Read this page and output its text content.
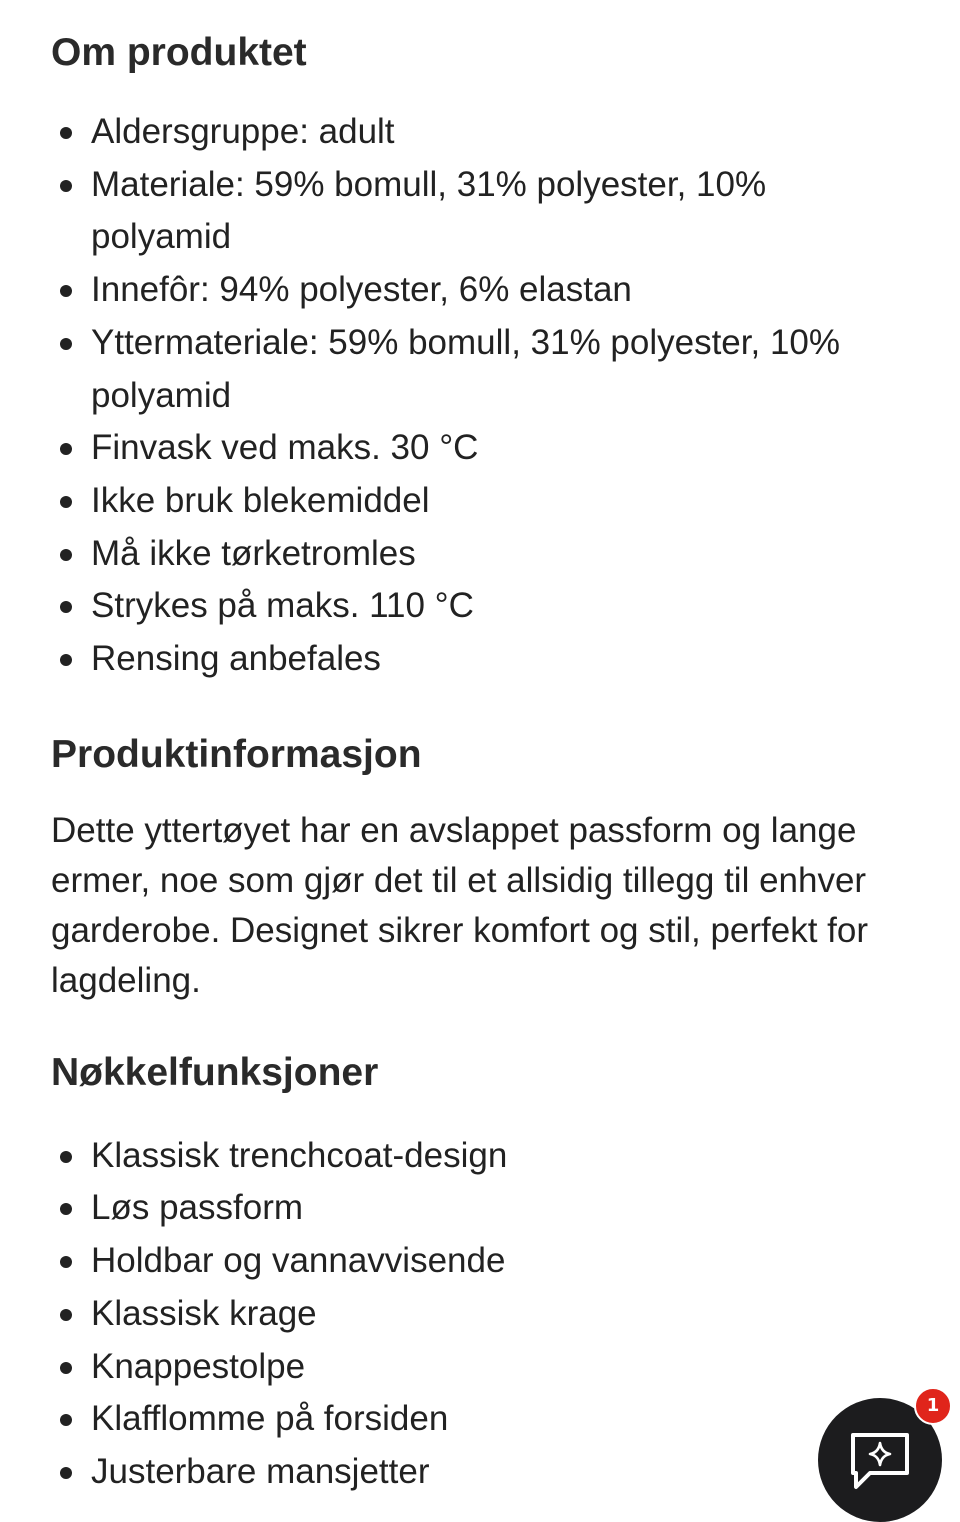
Om produktet
Aldersgruppe: adult
Materiale: 59% bomull, 31% polyester, 10% polyamid
Innefôr: 94% polyester, 6% elastan
Yttermateriale: 59% bomull, 31% polyester, 10% polyamid
Finvask ved maks. 30 °C
Ikke bruk blekemiddel
Må ikke tørketromles
Strykes på maks. 110 °C
Rensing anbefales
Produktinformasjon

Dette yttertøyet har en avslappet passform og lange ermer, noe som gjør det til et allsidig tillegg til enhver garderobe. Designet sikrer komfort og stil, perfekt for lagdeling.

Nøkkelfunksjoner
Klassisk trenchcoat-design
Løs passform
Holdbar og vannavvisende
Klassisk krage
Knappestolpe
Klafflomme på forsiden
Justerbare mansjetter
1
